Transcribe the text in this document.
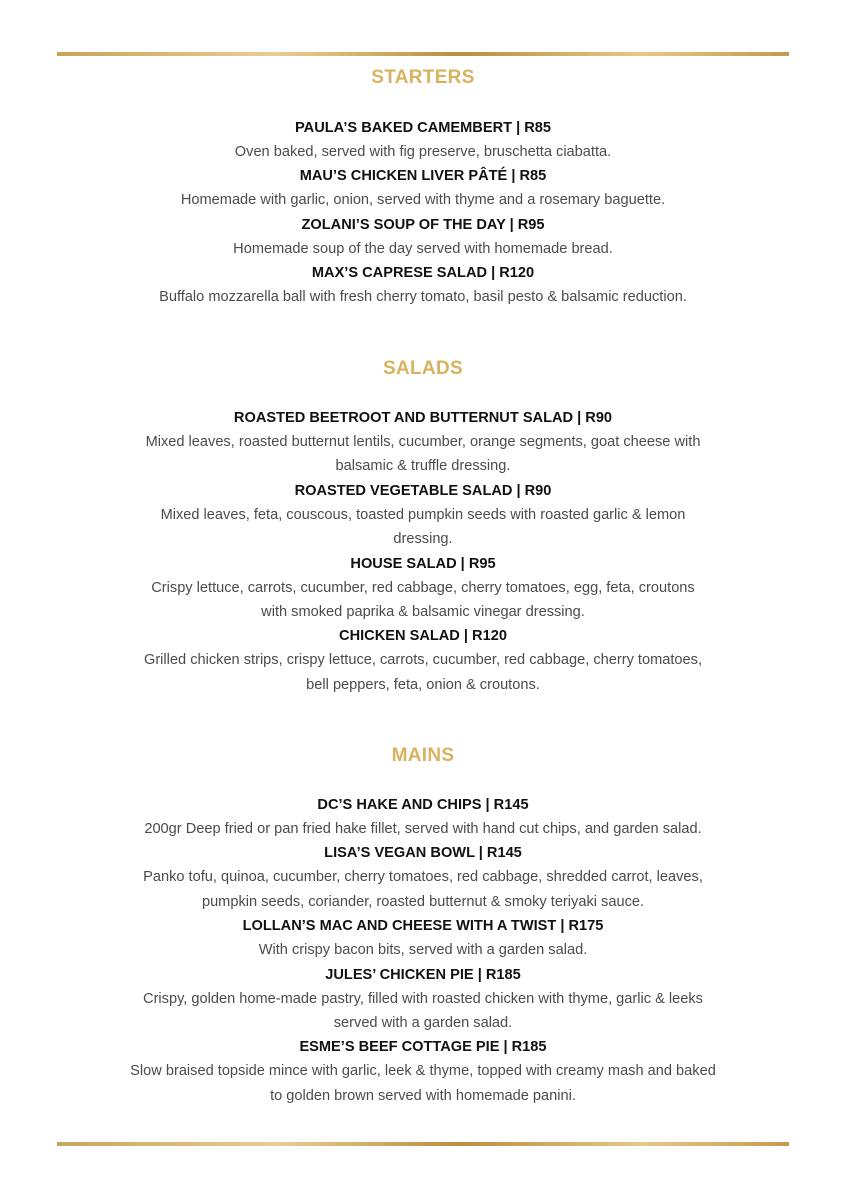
STARTERS

PAULA’S BAKED CAMEMBERT | R85

Oven baked, served with fig preserve, bruschetta ciabatta.

MAU’S CHICKEN LIVER PÂTÉ | R85

Homemade with garlic, onion, served with thyme and a rosemary baguette.

ZOLANI’S SOUP OF THE DAY | R95

Homemade soup of the day served with homemade bread.

MAX’S CAPRESE SALAD | R120

Buffalo mozzarella ball with fresh cherry tomato, basil pesto & balsamic reduction.

SALADS

ROASTED BEETROOT AND BUTTERNUT SALAD | R90

Mixed leaves, roasted butternut lentils, cucumber, orange segments, goat cheese with balsamic & truffle dressing.

ROASTED VEGETABLE SALAD | R90

Mixed leaves, feta, couscous, toasted pumpkin seeds with roasted garlic & lemon dressing.

HOUSE SALAD | R95

Crispy lettuce, carrots, cucumber, red cabbage, cherry tomatoes, egg, feta, croutons with smoked paprika & balsamic vinegar dressing.

CHICKEN SALAD | R120

Grilled chicken strips, crispy lettuce, carrots, cucumber, red cabbage, cherry tomatoes, bell peppers, feta, onion & croutons.

MAINS

DC’S HAKE AND CHIPS | R145

200gr Deep fried or pan fried hake fillet, served with hand cut chips, and garden salad.

LISA’S VEGAN BOWL | R145

Panko tofu, quinoa, cucumber, cherry tomatoes, red cabbage, shredded carrot, leaves, pumpkin seeds, coriander, roasted butternut & smoky teriyaki sauce.

LOLLAN’S MAC AND CHEESE WITH A TWIST | R175

With crispy bacon bits, served with a garden salad.

JULES’ CHICKEN PIE | R185

Crispy, golden home-made pastry, filled with roasted chicken with thyme, garlic & leeks served with a garden salad.

ESME’S BEEF COTTAGE PIE | R185

Slow braised topside mince with garlic, leek & thyme, topped with creamy mash and baked to golden brown served with homemade panini.
